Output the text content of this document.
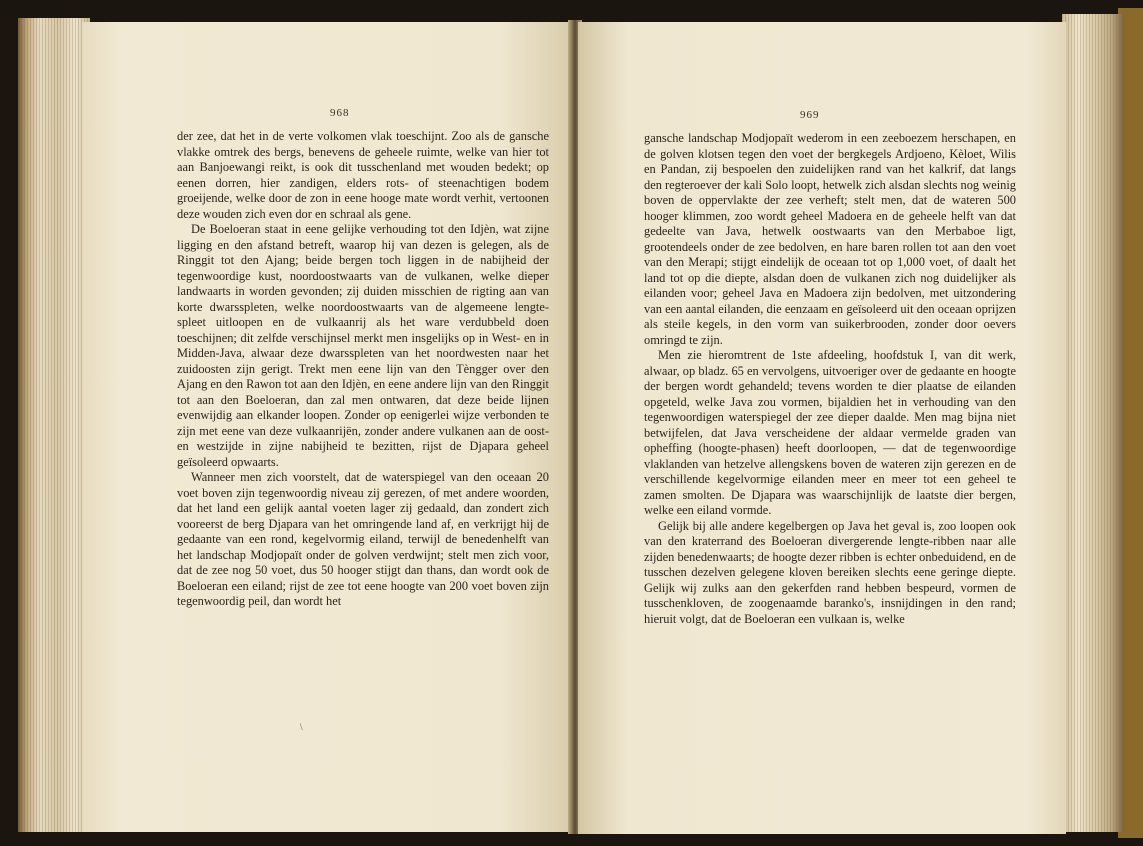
968

der zee, dat het in de verte volkomen vlak toeschijnt. Zoo als de gansche vlakke omtrek des bergs, benevens de geheele ruimte, welke van hier tot aan Banjoewangi reikt, is ook dit tusschenland met wouden bedekt; op eenen dorren, hier zandigen, elders rots- of steenachtigen bodem groeijende, welke door de zon in eene hooge mate wordt verhit, vertoonen deze wouden zich even dor en schraal als gene.

De Boeloeran staat in eene gelijke verhouding tot den Idjèn, wat zijne ligging en den afstand betreft, waarop hij van dezen is gelegen, als de Ringgit tot den Ajang; beide bergen toch liggen in de nabijheid der tegenwoordige kust, noordoostwaarts van de vulkanen, welke dieper landwaarts in worden gevonden; zij duiden misschien de rigting aan van korte dwarsspleten, welke noordoostwaarts van de algemeene lengte-spleet uitloopen en de vulkaanrij als het ware verdubbeld doen toeschijnen; dit zelfde verschijnsel merkt men insgelijks op in West- en in Midden-Java, alwaar deze dwarsspleten van het noordwesten naar het zuidoosten zijn gerigt. Trekt men eene lijn van den Tèngger over den Ajang en den Rawon tot aan den Idjèn, en eene andere lijn van den Ringgit tot aan den Boeloeran, dan zal men ontwaren, dat deze beide lijnen evenwijdig aan elkander loopen. Zonder op eenigerlei wijze verbonden te zijn met eene van deze vulkaanrijën, zonder andere vulkanen aan de oost- en westzijde in zijne nabijheid te bezitten, rijst de Djapara geheel geïsoleerd opwaarts.

Wanneer men zich voorstelt, dat de waterspiegel van den oceaan 20 voet boven zijn tegenwoordig niveau zij gerezen, of met andere woorden, dat het land een gelijk aantal voeten lager zij gedaald, dan zondert zich vooreerst de berg Djapara van het omringende land af, en verkrijgt hij de gedaante van een rond, kegelvormig eiland, terwijl de benedenhelft van het landschap Modjopaït onder de golven verdwijnt; stelt men zich voor, dat de zee nog 50 voet, dus 50 hooger stijgt dan thans, dan wordt ook de Boeloeran een eiland; rijst de zee tot eene hoogte van 200 voet boven zijn tegenwoordig peil, dan wordt het

\
969

gansche landschap Modjopaït wederom in een zeeboezem herschapen, en de golven klotsen tegen den voet der bergkegels Ardjoeno, Kèloet, Wilis en Pandan, zij bespoelen den zuidelijken rand van het kalkrif, dat langs den regteroever der kali Solo loopt, hetwelk zich alsdan slechts nog weinig boven de oppervlakte der zee verheft; stelt men, dat de wateren 500 hooger klimmen, zoo wordt geheel Madoera en de geheele helft van dat gedeelte van Java, hetwelk oostwaarts van den Merbaboe ligt, grootendeels onder de zee bedolven, en hare baren rollen tot aan den voet van den Merapi; stijgt eindelijk de oceaan tot op 1,000 voet, of daalt het land tot op die diepte, alsdan doen de vulkanen zich nog duidelijker als eilanden voor; geheel Java en Madoera zijn bedolven, met uitzondering van een aantal eilanden, die eenzaam en geïsoleerd uit den oceaan oprijzen als steile kegels, in den vorm van suikerbrooden, zonder door oevers omringd te zijn.

Men zie hieromtrent de 1ste afdeeling, hoofdstuk I, van dit werk, alwaar, op bladz. 65 en vervolgens, uitvoeriger over de gedaante en hoogte der bergen wordt gehandeld; tevens worden te dier plaatse de eilanden opgeteld, welke Java zou vormen, bijaldien het in verhouding van den tegenwoordigen waterspiegel der zee dieper daalde. Men mag bijna niet betwijfelen, dat Java verscheidene der aldaar vermelde graden van opheffing (hoogte-phasen) heeft doorloopen, — dat de tegenwoordige vlaklanden van hetzelve allengskens boven de wateren zijn gerezen en de verschillende kegelvormige eilanden meer en meer tot een geheel te zamen smolten. De Djapara was waarschijnlijk de laatste dier bergen, welke een eiland vormde.

Gelijk bij alle andere kegelbergen op Java het geval is, zoo loopen ook van den kraterrand des Boeloeran divergerende lengte-ribben naar alle zijden benedenwaarts; de hoogte dezer ribben is echter onbeduidend, en de tusschen dezelven gelegene kloven bereiken slechts eene geringe diepte. Gelijk wij zulks aan den gekerfden rand hebben bespeurd, vormen de tusschenkloven, de zoogenaamde baranko's, insnijdingen in den rand; hieruit volgt, dat de Boeloeran een vulkaan is, welke
